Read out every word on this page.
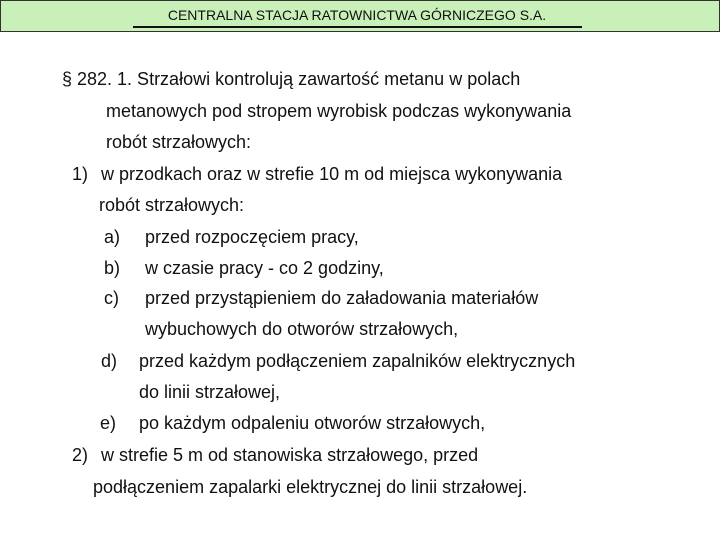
CENTRALNA STACJA RATOWNICTWA GÓRNICZEGO S.A.
§ 282. 1. Strzałowi kontrolują zawartość metanu w polach
metanowych pod stropem wyrobisk podczas wykonywania
robót strzałowych:
1) w przodkach oraz w strefie 10 m od miejsca wykonywania
robót strzałowych:
a) przed rozpoczęciem pracy,
b) w czasie pracy - co 2 godziny,
c) przed przystąpieniem do załadowania materiałów
wybuchowych do otworów strzałowych,
d) przed każdym podłączeniem zapalników elektrycznych
do linii strzałowej,
e) po każdym odpaleniu otworów strzałowych,
2) w strefie 5 m od stanowiska strzałowego, przed
podłączeniem zapalarki elektrycznej do linii strzałowej.
